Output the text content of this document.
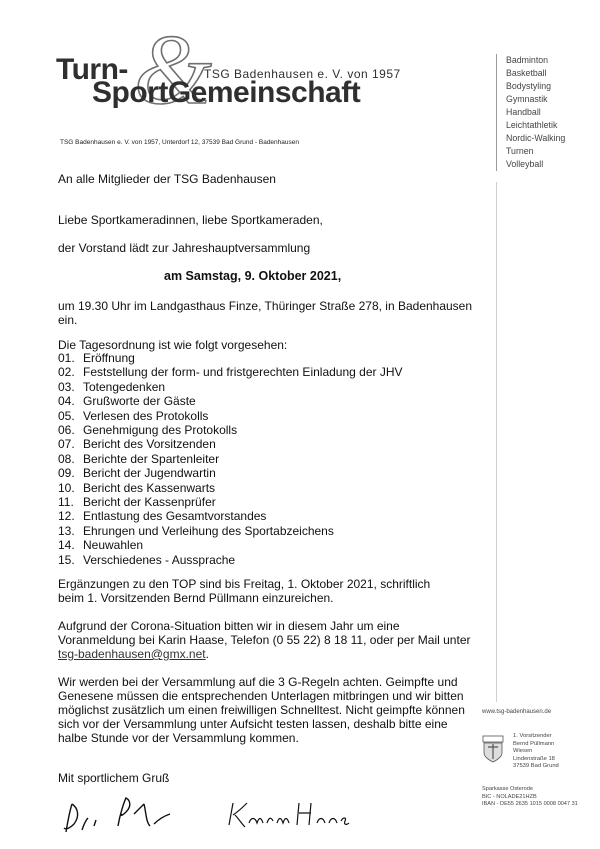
&
Turn-
SportGemeinschaft
TSG Badenhausen e. V. von 1957
TSG Badenhausen e. V. von 1957, Unterdorf 12, 37539 Bad Grund - Badenhausen
Badminton
Basketball
Bodystyling
Gymnastik
Handball
Leichtathletik
Nordic-Walking
Turnen
Volleyball
An alle Mitglieder der TSG Badenhausen
Liebe Sportkameradinnen, liebe Sportkameraden,
der Vorstand lädt zur Jahreshauptversammlung
am Samstag, 9. Oktober 2021,
um 19.30 Uhr im Landgasthaus Finze, Thüringer Straße 278, in Badenhausen
ein.
Die Tagesordnung ist wie folgt vorgesehen:
01. Eröffnung
02. Feststellung der form- und fristgerechten Einladung der JHV
03. Totengedenken
04. Grußworte der Gäste
05. Verlesen des Protokolls
06. Genehmigung des Protokolls
07. Bericht des Vorsitzenden
08. Berichte der Spartenleiter
09. Bericht der Jugendwartin
10. Bericht des Kassenwarts
11. Bericht der Kassenprüfer
12. Entlastung des Gesamtvorstandes
13. Ehrungen und Verleihung des Sportabzeichens
14. Neuwahlen
15. Verschiedenes - Aussprache
Ergänzungen zu den TOP sind bis Freitag, 1. Oktober 2021, schriftlich
beim 1. Vorsitzenden Bernd Püllmann einzureichen.
Aufgrund der Corona-Situation bitten wir in diesem Jahr um eine
Voranmeldung bei Karin Haase, Telefon (0 55 22) 8 18 11, oder per Mail unter
tsg-badenhausen@gmx.net.
Wir werden bei der Versammlung auf die 3 G-Regeln achten. Geimpfte und
Genesene müssen die entsprechenden Unterlagen mitbringen und wir bitten
möglichst zusätzlich um einen freiwilligen Schnelltest. Nicht geimpfte können
sich vor der Versammlung unter Aufsicht testen lassen, deshalb bitte eine
halbe Stunde vor der Versammlung kommen.
Mit sportlichem Gruß
www.tsg-badenhausen.de
1. Vorsitzender
Bernd Püllmann
Wiesen
Lindenstraße 18
37539 Bad Grund
Sparkasse Osterode
BIC - NOLADE21HZB
IBAN - DE55 2635 1015 0008 0047 31
